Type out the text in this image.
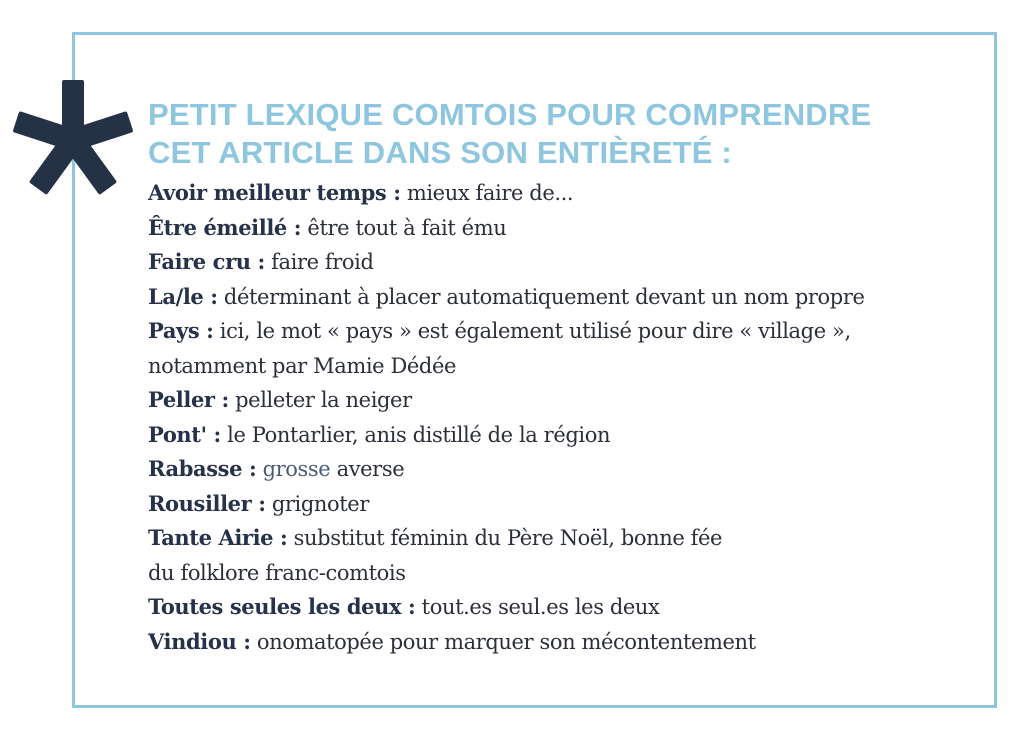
PETIT LEXIQUE COMTOIS POUR COMPRENDRE
CET ARTICLE DANS SON ENTIÈRETÉ :
Avoir meilleur temps : mieux faire de...
Être émeillé : être tout à fait ému
Faire cru : faire froid
La/le : déterminant à placer automatiquement devant un nom propre
Pays : ici, le mot « pays » est également utilisé pour dire « village »,
notamment par Mamie Dédée
Peller : pelleter la neiger
Pont' : le Pontarlier, anis distillé de la région
Rabasse : grosse averse
Rousiller : grignoter
Tante Airie : substitut féminin du Père Noël, bonne fée
du folklore franc-comtois
Toutes seules les deux : tout.es seul.es les deux
Vindiou : onomatopée pour marquer son mécontentement
